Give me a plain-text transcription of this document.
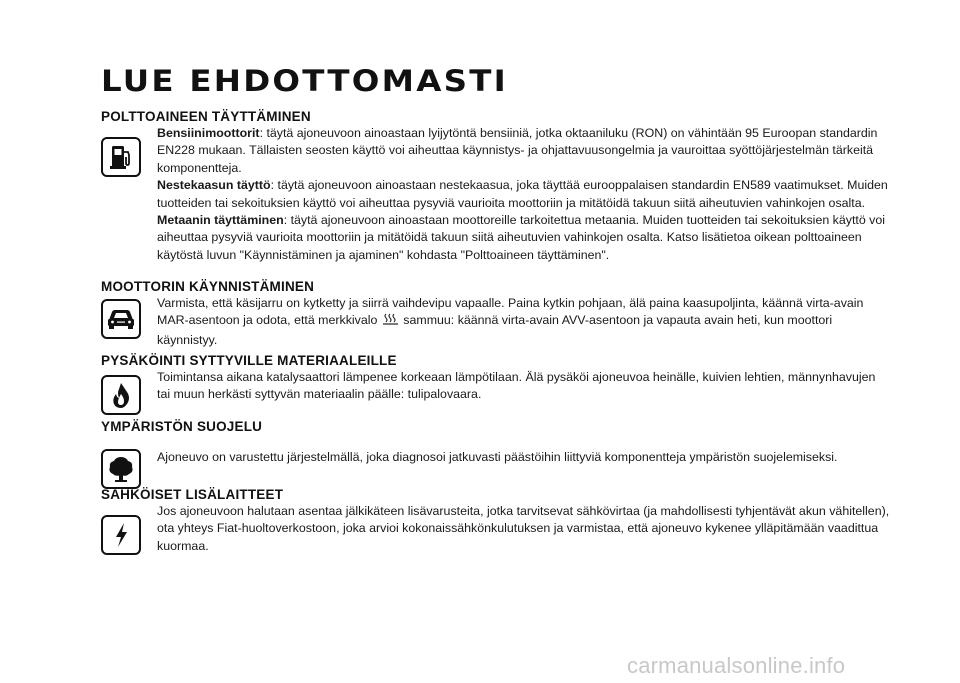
LUE EHDOTTOMASTI
POLTTOAINEEN TÄYTTÄMINEN

Bensiinimoottorit: täytä ajoneuvoon ainoastaan lyijytöntä bensiiniä, jotka oktaaniluku (RON) on vähintään 95 Euroopan standardin EN228 mukaan. Tällaisten seosten käyttö voi aiheuttaa käynnistys- ja ohjattavuusongelmia ja vauroittaa syöttöjärjestelmän tärkeitä komponentteja.

Nestekaasun täyttö: täytä ajoneuvoon ainoastaan nestekaasua, joka täyttää eurooppalaisen standardin EN589 vaatimukset. Muiden tuotteiden tai sekoituksien käyttö voi aiheuttaa pysyviä vaurioita moottoriin ja mitätöidä takuun siitä aiheutuvien vahinkojen osalta.

Metaanin täyttäminen: täytä ajoneuvoon ainoastaan moottoreille tarkoitettua metaania. Muiden tuotteiden tai sekoituksien käyttö voi aiheuttaa pysyviä vaurioita moottoriin ja mitätöidä takuun siitä aiheutuvien vahinkojen osalta. Katso lisätietoa oikean polttoaineen käytöstä luvun "Käynnistäminen ja ajaminen" kohdasta "Polttoaineen täyttäminen".

MOOTTORIN KÄYNNISTÄMINEN

Varmista, että käsijarru on kytketty ja siirrä vaihdevipu vapaalle. Paina kytkin pohjaan, älä paina kaasupoljinta, käännä virta-avain MAR-asentoon ja odota, että merkkivalo sammuu: käännä virta-avain AVV-asentoon ja vapauta avain heti, kun moottori käynnistyy.

PYSÄKÖINTI SYTTYVILLE MATERIAALEILLE

Toimintansa aikana katalysaattori lämpenee korkeaan lämpötilaan. Älä pysäköi ajoneuvoa heinälle, kuivien lehtien, männynhavujen tai muun herkästi syttyvän materiaalin päälle: tulipalovaara.

YMPÄRISTÖN SUOJELU

Ajoneuvo on varustettu järjestelmällä, joka diagnosoi jatkuvasti päästöihin liittyviä komponentteja ympäristön suojelemiseksi.

SÄHKÖISET LISÄLAITTEET

Jos ajoneuvoon halutaan asentaa jälkikäteen lisävarusteita, jotka tarvitsevat sähkövirtaa (ja mahdollisesti tyhjentävät akun vähitellen), ota yhteys Fiat-huoltoverkostoon, joka arvioi kokonaissähkönkulutuksen ja varmistaa, että ajoneuvo kykenee ylläpitämään vaadittua kuormaa.

carmanualsonline.info
